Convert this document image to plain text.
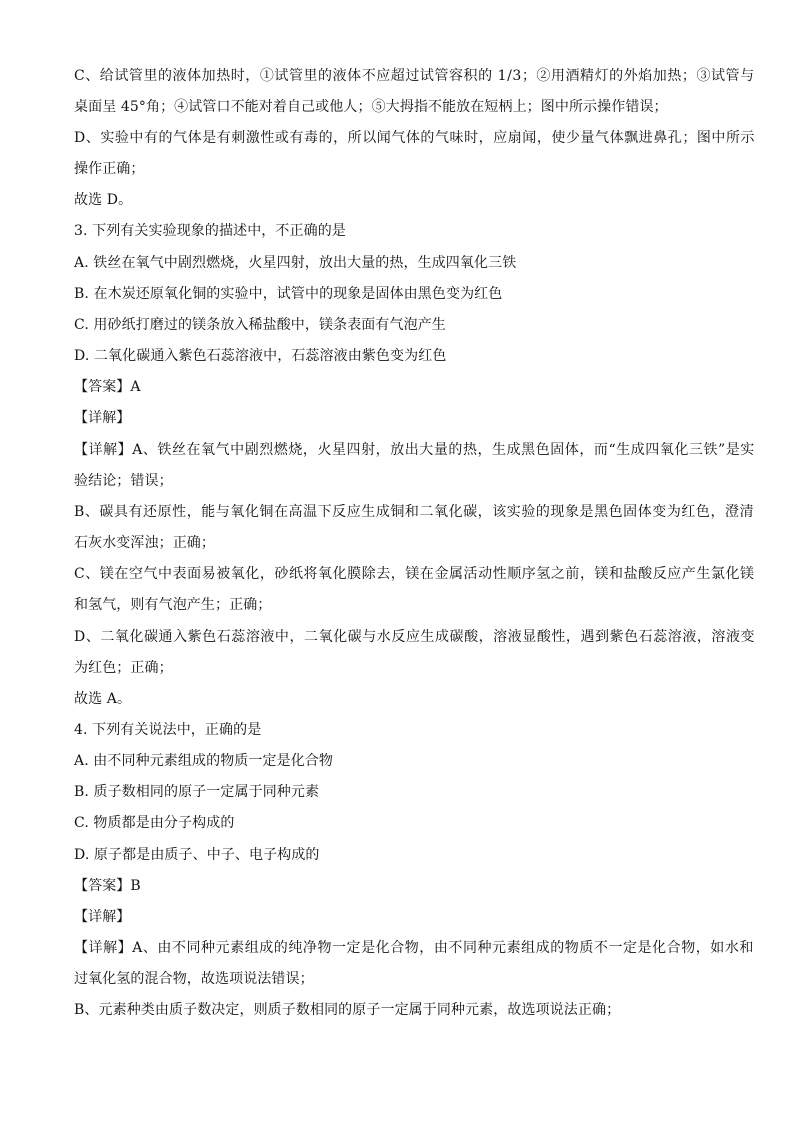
C、给试管里的液体加热时，①试管里的液体不应超过试管容积的 1/3；②用酒精灯的外焰加热；③试管与
桌面呈 45°角；④试管口不能对着自己或他人；⑤大拇指不能放在短柄上；图中所示操作错误；
D、实验中有的气体是有刺激性或有毒的，所以闻气体的气味时，应扇闻，使少量气体飘进鼻孔；图中所示
操作正确；
故选 D。
3. 下列有关实验现象的描述中，不正确的是
A. 铁丝在氧气中剧烈燃烧，火星四射，放出大量的热，生成四氧化三铁
B. 在木炭还原氧化铜的实验中，试管中的现象是固体由黑色变为红色
C. 用砂纸打磨过的镁条放入稀盐酸中，镁条表面有气泡产生
D. 二氧化碳通入紫色石蕊溶液中，石蕊溶液由紫色变为红色
【答案】A
【详解】
【详解】A、铁丝在氧气中剧烈燃烧，火星四射，放出大量的热，生成黑色固体，而“生成四氧化三铁”是实
验结论；错误；
B、碳具有还原性，能与氧化铜在高温下反应生成铜和二氧化碳，该实验的现象是黑色固体变为红色，澄清
石灰水变浑浊；正确；
C、镁在空气中表面易被氧化，砂纸将氧化膜除去，镁在金属活动性顺序氢之前，镁和盐酸反应产生氯化镁
和氢气，则有气泡产生；正确；
D、二氧化碳通入紫色石蕊溶液中，二氧化碳与水反应生成碳酸，溶液显酸性，遇到紫色石蕊溶液，溶液变
为红色；正确；
故选 A。
4. 下列有关说法中，正确的是
A. 由不同种元素组成的物质一定是化合物
B. 质子数相同的原子一定属于同种元素
C. 物质都是由分子构成的
D. 原子都是由质子、中子、电子构成的
【答案】B
【详解】
【详解】A、由不同种元素组成的纯净物一定是化合物，由不同种元素组成的物质不一定是化合物，如水和
过氧化氢的混合物，故选项说法错误；
B、元素种类由质子数决定，则质子数相同的原子一定属于同种元素，故选项说法正确；
